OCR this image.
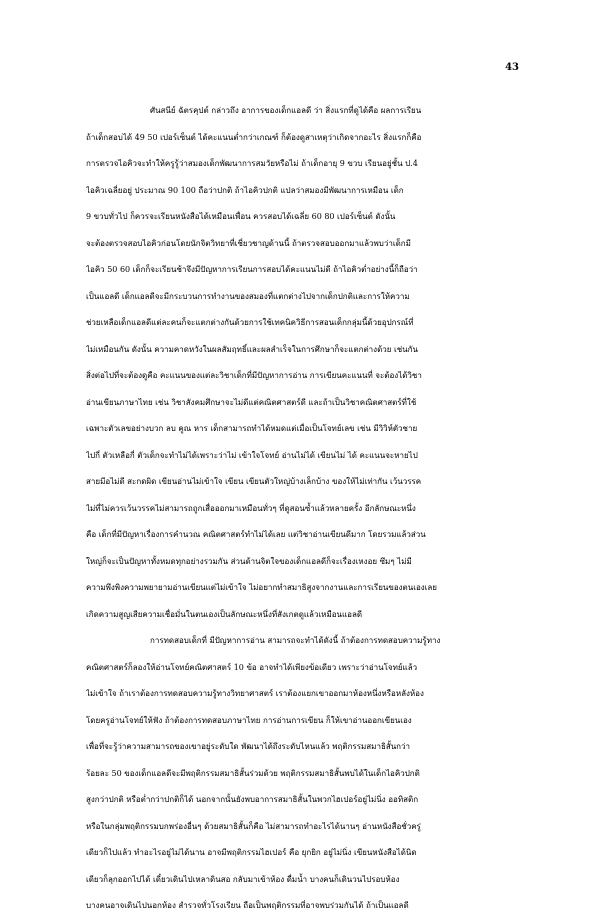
43
ศันสนีย์ ฉัตรคุปต์ กล่าวถึง อาการของเด็กแอลดี ว่า สิ่งแรกที่ดูได้คือ ผลการเรียน
ถ้าเด็กสอบได้ 49 50 เปอร์เซ็นต์ ได้คะแนนต่ำกว่าเกณฑ์ ก็ต้องดูสาเหตุว่าเกิดจากอะไร สิ่งแรกก็คือ
การตรวจไอคิวจะทำให้ครูรู้ว่าสมองเด็กพัฒนาการสมวัยหรือไม่ ถ้าเด็กอายุ 9 ขวบ เรียนอยู่ชั้น ป.4
ไอคิวเฉลี่ยอยู่ ประมาณ 90 100 ถือว่าปกติ ถ้าไอคิวปกติ แปลว่าสมองมีพัฒนาการเหมือน เด็ก
9 ขวบทั่วไป ก็ควรจะเรียนหนังสือได้เหมือนเพื่อน ควรสอบได้เฉลี่ย 60 80 เปอร์เซ็นต์ ดังนั้น
จะต้องตรวจสอบไอคิวก่อนโดยนักจิตวิทยาที่เชี่ยวชาญด้านนี้ ถ้าตรวจสอบออกมาแล้วพบว่าเด็กมี
ไอคิว 50 60 เด็กก็จะเรียนช้าจึงมีปัญหาการเรียนการสอบได้คะแนนไม่ดี ถ้าไอคิวต่ำอย่างนี้ก็ถือว่า
เป็นแอลดี เด็กแอลดีจะมีกระบวนการทำงานของสมองที่แตกต่างไปจากเด็กปกติและการให้ความ
ช่วยเหลือเด็กแอลดีแต่ละคนก็จะแตกต่างกันด้วยการใช้เทคนิควิธีการสอนเด็กกลุ่มนี้ด้วยอุปกรณ์ที่
ไม่เหมือนกัน ดังนั้น ความคาดหวังในผลสัมฤทธิ์และผลสำเร็จในการศึกษาก็จะแตกต่างด้วย เช่นกัน
สิ่งต่อไปที่จะต้องดูคือ คะแนนของแต่ละวิชาเด็กที่มีปัญหาการอ่าน การเขียนคะแนนที่ จะต้องได้วิชา
อ่านเขียนภาษาไทย เช่น วิชาสังคมศึกษาจะไม่ดีแต่คณิตศาสตร์ดี และถ้าเป็นวิชาคณิตศาสตร์ที่ใช้
เฉพาะตัวเลขอย่างบวก ลบ คูณ หาร เด็กสามารถทำได้หมดแต่เมื่อเป็นโจทย์เลข เช่น มีวิวิห์ตัวชาย
ไปกี่ ตัวเหลือกี่ ตัวเด็กจะทำไม่ได้เพราะว่าไม่ เข้าใจโจทย์ อ่านไม่ได้ เขียนไม่ ได้ คะแนนจะหายไป
สายมีอไม่ดี สะกดผิด เขียนอ่านไม่เข้าใจ เขียน เขียนตัวใหญ่บ้างเล็กบ้าง ของให้ไม่เท่ากัน เว้นวรรค
ไม่ที่ไม่ควรเว้นวรรคไม่สามารถถูกเสื่อออกมาเหมือนทั่วๆ ที่ดูสอนซ้ำแล้วหลายครั้ง อีกลักษณะหนึ่ง
คือ เด็กที่มีปัญหาเรื่องการคำนวณ คณิตศาสตร์ทำไม่ได้เลย แต่วิชาอ่านเขียนดีมาก โดยรวมแล้วส่วน
ใหญ่ก็จะเป็นปัญหาทั้งหมดทุกอย่างรวมกัน ส่วนด้านจิตใจของเด็กแอลดีก็จะเรื่องเหงอย ซึมๆ ไม่มี
ความพึงพิงความพยายามอ่านเขียนแต่ไม่เข้าใจ ไม่อยากทำสมาธิสูงจากงานและการเรียนของตนเองเลย
เกิดความสูญเสียความเชื่อมั่นในตนเองเป็นลักษณะหนึ่งที่สังเกตดูแล้วเหมือนแอลดี
การทดสอบเด็กที่ มีปัญหาการอ่าน สามารถจะทำได้ดังนี้ ถ้าต้องการทดสอบความรู้ทาง
คณิตศาสตร์ก็ลองให้อ่านโจทย์คณิตศาสตร์ 10 ข้อ อาจทำได้เพียงข้อเดียว เพราะว่าอ่านโจทย์แล้ว
ไม่เข้าใจ ถ้าเราต้องการทดสอบความรู้ทางวิทยาศาสตร์ เราต้องแยกเขาออกมาห้องหนึ่งหรือหลังห้อง
โดยครูอ่านโจทย์ให้ฟัง ถ้าต้องการทดสอบภาษาไทย การอ่านการเขียน ก็ให้เขาอ่านออกเขียนเอง
เพื่อที่จะรู้ว่าความสามารถของเขาอยู่ระดับใด พัฒนาได้ถึงระดับไหนแล้ว พฤติกรรมสมาธิสั้นกว่า
ร้อยละ 50 ของเด็กแอลดีจะมีพฤติกรรมสมาธิสั้นร่วมด้วย พฤติกรรมสมาธิสั้นพบได้ในเด็กไอคิวปกติ
สูงกว่าปกติ หรือต่ำกว่าปกติก็ได้ นอกจากนั้นยังพบอาการสมาธิสั้นในพวกไฮเปอร์อยู่ไม่นิ่ง ออทิสติก
หรือในกลุ่มพฤติกรรมบกพร่องอื่นๆ ด้วยสมาธิสั้นก็คือ ไม่สามารถทำอะไรได้นานๆ อ่านหนังสือชั่วครู่
เดียวก็ไปแล้ว ทำอะไรอยู่ไม่ได้นาน อาจมีพฤติกรรมไฮเปอร์ คือ ยุกยิก อยู่ไม่นิ่ง เขียนหนังสือได้นิด
เดียวก็ลุกออกไปได้ เดี๋ยวเดินไปเหลาดินสอ กลับมาเข้าห้อง ดื่มน้ำ บางคนก็เดินวนไปรอบห้อง
บางคนอาจเดินไปนอกห้อง สำรวจทั่วโรงเรียน ถือเป็นพฤติกรรมที่อาจพบร่วมกันได้ ถ้าเป็นแอลดี
